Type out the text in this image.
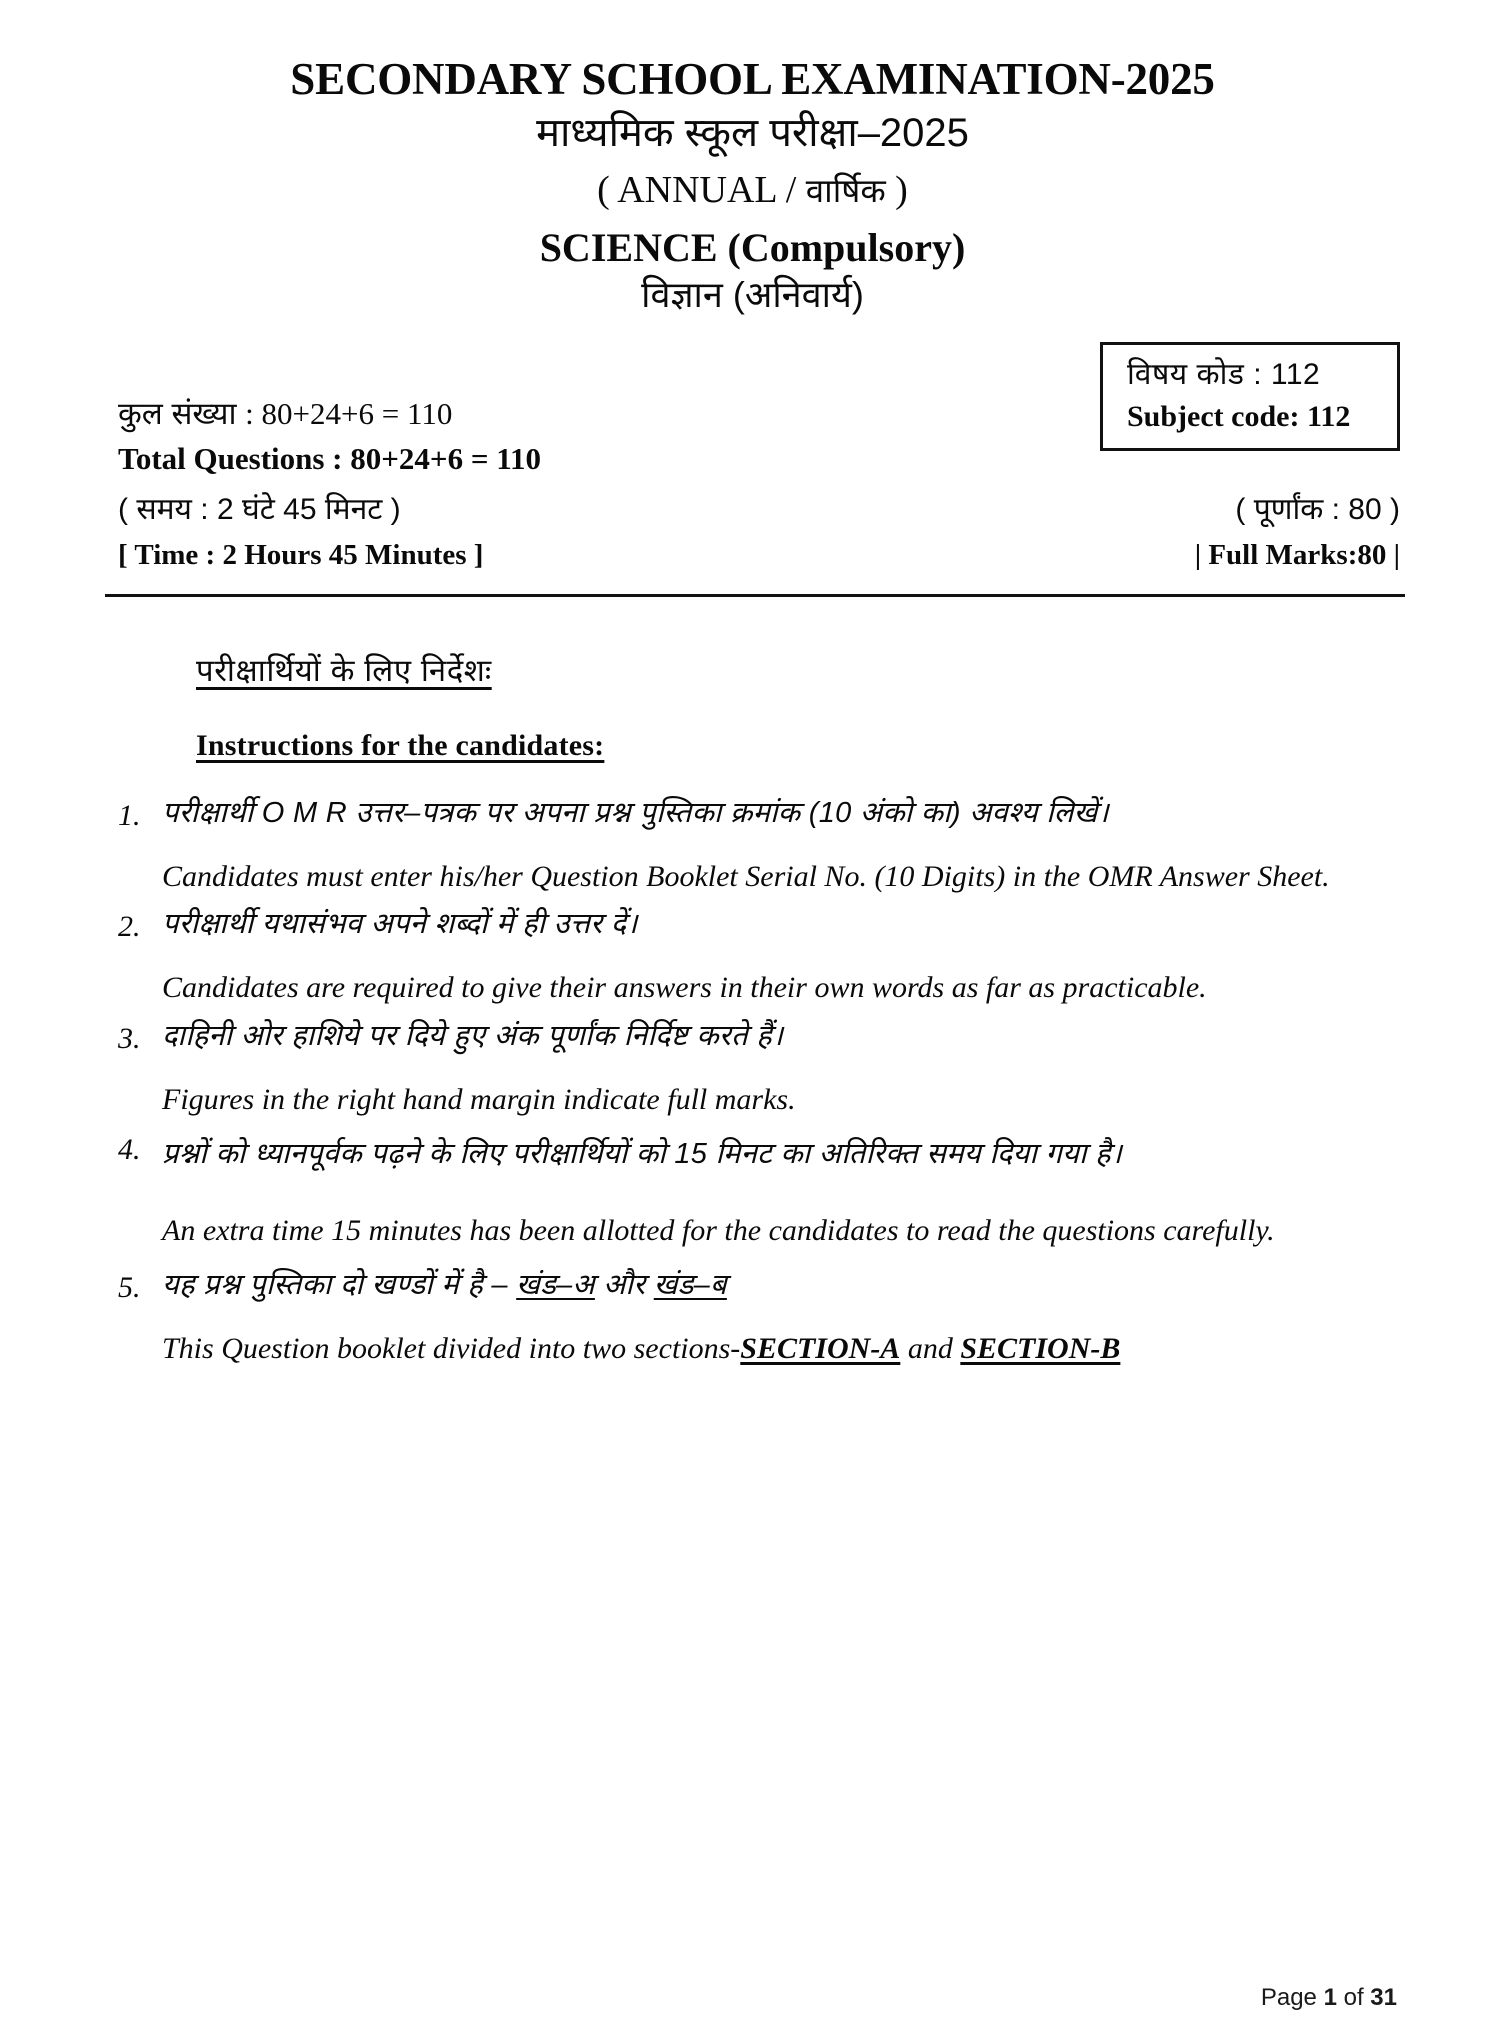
SECONDARY SCHOOL EXAMINATION-2025
माध्यमिक स्कूल परीक्षा–2025
( ANNUAL / वार्षिक )
SCIENCE (Compulsory)
विज्ञान (अनिवार्य)
विषय कोड : 112
Subject code: 112
कुल संख्या : 80+24+6 = 110
Total Questions : 80+24+6 = 110
( समय : 2 घंटे 45 मिनट )	( पूर्णांक : 80 )
[ Time : 2 Hours 45 Minutes ]	| Full Marks:80 |
परीक्षार्थियों के लिए निर्देशः
Instructions for the candidates:
1. परीक्षार्थी O M R उत्तर–पत्रक पर अपना प्रश्न पुस्तिका क्रमांक (10 अंको का) अवश्य लिखें।
Candidates must enter his/her Question Booklet Serial No. (10 Digits) in the OMR Answer Sheet.
2. परीक्षार्थी यथासंभव अपने शब्दों में ही उत्तर दें।
Candidates are required to give their answers in their own words as far as practicable.
3. दाहिनी ओर हाशिये पर दिये हुए अंक पूर्णांक निर्दिष्ट करते हैं।
Figures in the right hand margin indicate full marks.
4. प्रश्नों को ध्यानपूर्वक पढ़ने के लिए परीक्षार्थियों को 15 मिनट का अतिरिक्त समय दिया गया है।
An extra time 15 minutes has been allotted for the candidates to read the questions carefully.
5. यह प्रश्न पुस्तिका दो खण्डों में है – खंड–अ और खंड–ब
This Question booklet divided into two sections-SECTION-A and SECTION-B
Page 1 of 31
